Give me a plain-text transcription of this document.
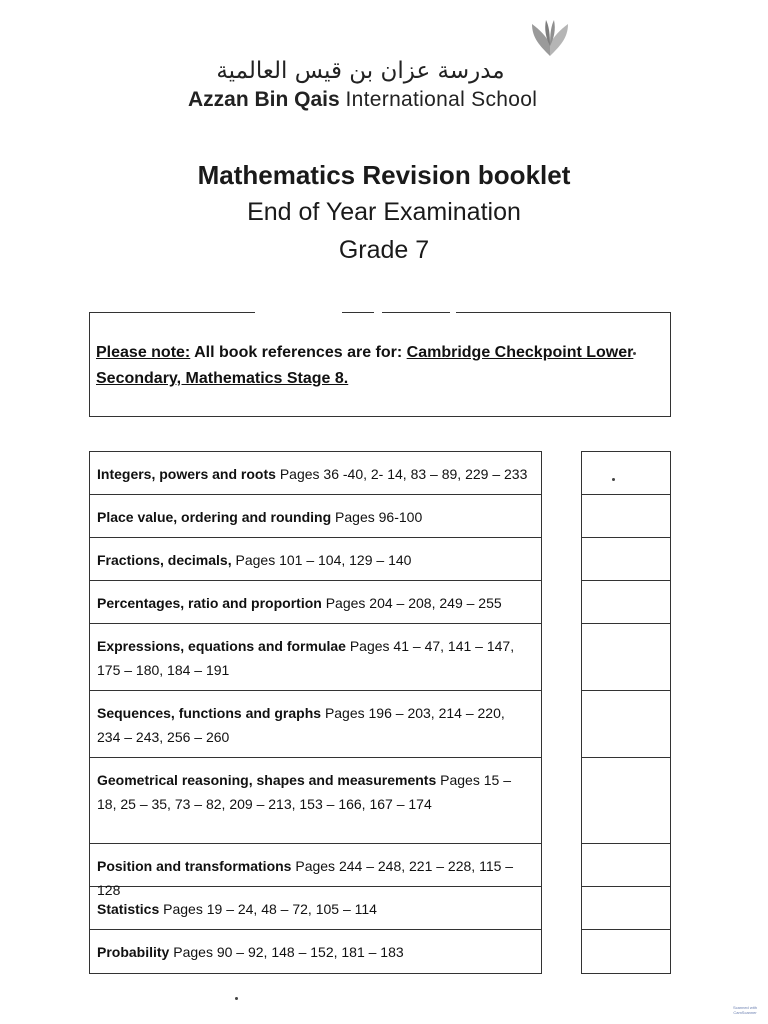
مدرسة عزان بن قيس العالمية
Azzan Bin Qais International School
Mathematics Revision booklet
End of Year Examination
Grade 7
Please note: All book references are for: Cambridge Checkpoint Lower Secondary, Mathematics Stage 8.
Integers, powers and roots Pages 36 -40, 2- 14, 83 – 89, 229 – 233
Place value, ordering and rounding Pages 96-100
Fractions, decimals, Pages 101 – 104, 129 – 140
Percentages, ratio and proportion Pages 204 – 208, 249 – 255
Expressions, equations and formulae Pages 41 – 47, 141 – 147, 175 – 180, 184 – 191
Sequences, functions and graphs Pages 196 – 203, 214 – 220, 234 – 243, 256 – 260
Geometrical reasoning, shapes and measurements Pages 15 – 18, 25 – 35, 73 – 82, 209 – 213, 153 – 166, 167 – 174
Position and transformations Pages 244 – 248, 221 – 228, 115 – 128
Statistics Pages 19 – 24, 48 – 72, 105 – 114
Probability Pages 90 – 92, 148 – 152, 181 – 183
Scanned with
CamScanner
